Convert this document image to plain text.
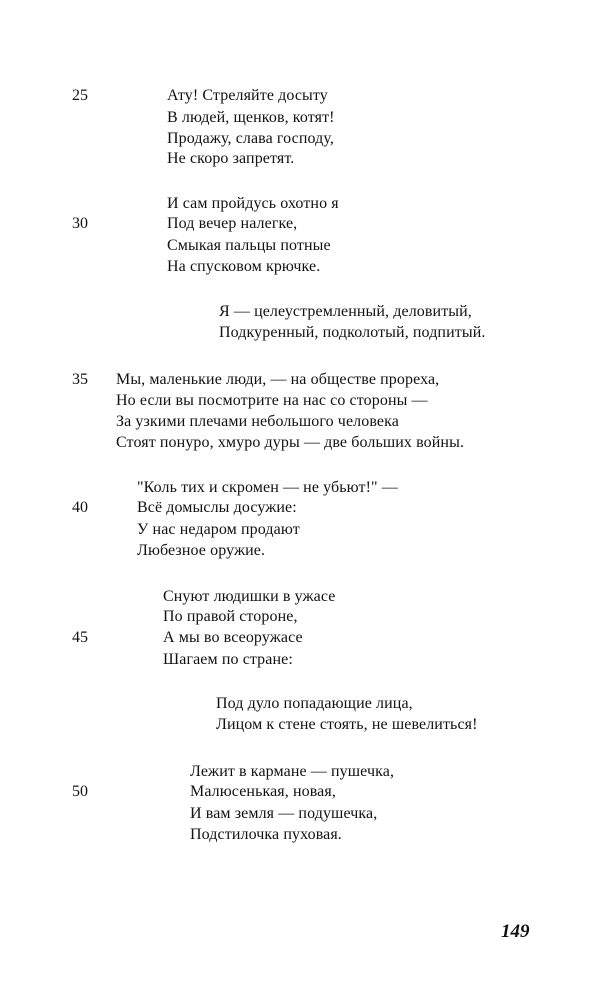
25
30
35
40
45
50
Ату! Стреляйте досыту
В людей, щенков, котят!
Продажу, слава господу,
Не скоро запретят.
И сам пройдусь охотно я
Под вечер налегке,
Смыкая пальцы потные
На спусковом крючке.
Я — целеустремленный, деловитый,
Подкуренный, подколотый, подпитый.
Мы, маленькие люди, — на обществе прореха,
Но если вы посмотрите на нас со стороны —
За узкими плечами небольшого человека
Стоят понуро, хмуро дуры — две больших войны.
"Коль тих и скромен — не убьют!" —
Всё домыслы досужие:
У нас недаром продают
Любезное оружие.
Снуют людишки в ужасе
По правой стороне,
А мы во всеоружасе
Шагаем по стране:
Под дуло попадающие лица,
Лицом к стене стоять, не шевелиться!
Лежит в кармане — пушечка,
Малюсенькая, новая,
И вам земля — подушечка,
Подстилочка пуховая.
149
